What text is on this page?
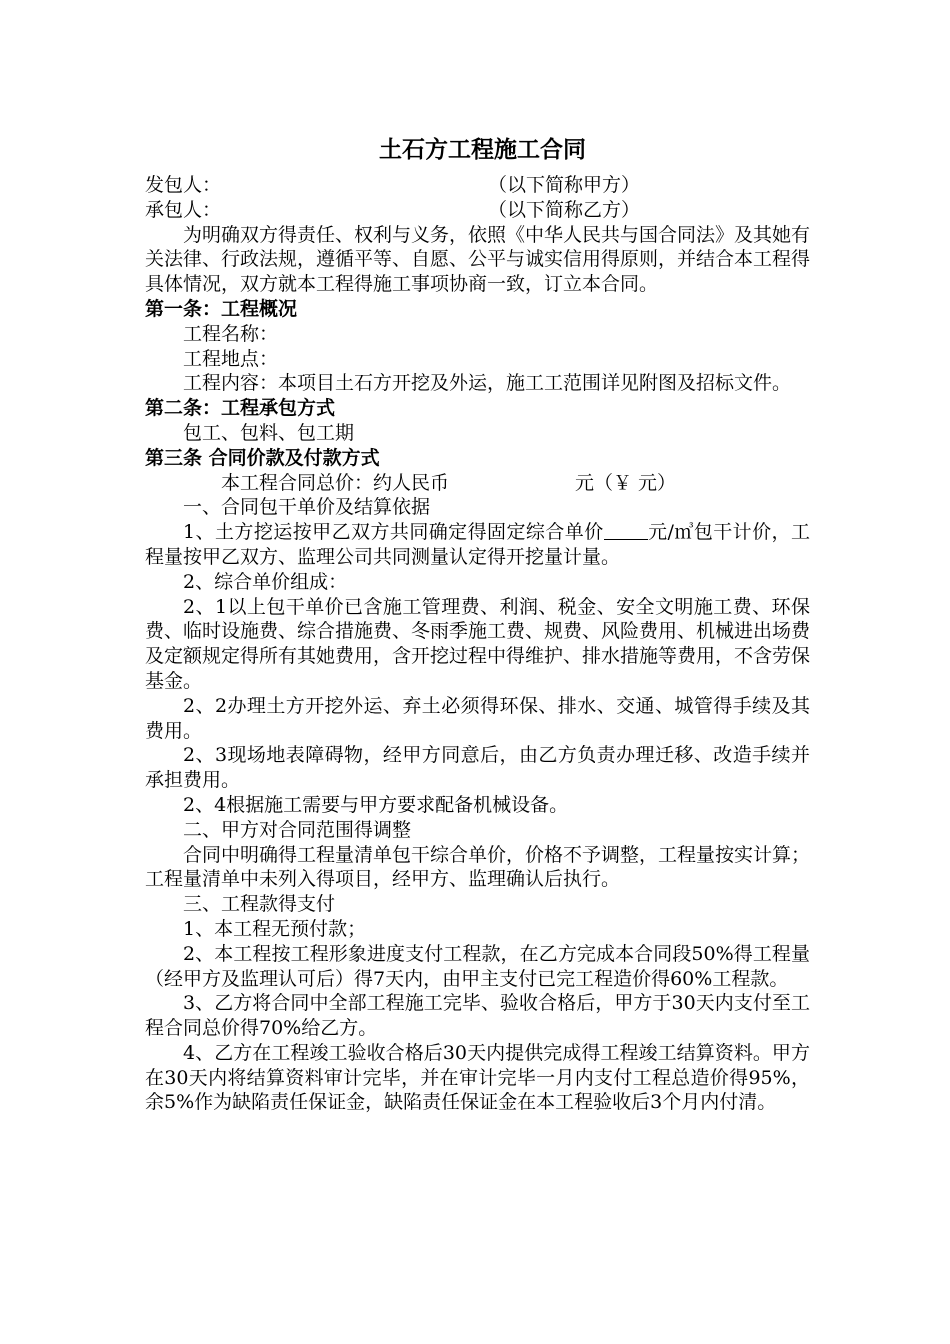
土石方工程施工合同
发包人：	（以下简称甲方）
承包人：	（以下简称乙方）

为明确双方得责任、权利与义务，依照《中华人民共与国合同法》及其她有关法律、行政法规，遵循平等、自愿、公平与诚实信用得原则，并结合本工程得具体情况，双方就本工程得施工事项协商一致，订立本合同。

第一条：工程概况

工程名称：

工程地点：

工程内容：本项目土石方开挖及外运，施工工范围详见附图及招标文件。

第二条：工程承包方式

包工、包料、包工期

第三条 合同价款及付款方式

本工程合同总价：约人民币	元（￥ 元）

一、合同包干单价及结算依据

1、土方挖运按甲乙双方共同确定得固定综合单价 元/㎥包干计价，工程量按甲乙双方、监理公司共同测量认定得开挖量计量。

2、综合单价组成：

2、1以上包干单价已含施工管理费、利润、税金、安全文明施工费、环保费、临时设施费、综合措施费、冬雨季施工费、规费、风险费用、机械进出场费及定额规定得所有其她费用，含开挖过程中得维护、排水措施等费用，不含劳保基金。

2、2办理土方开挖外运、弃土必须得环保、排水、交通、城管得手续及其费用。

2、3现场地表障碍物，经甲方同意后，由乙方负责办理迁移、改造手续并承担费用。

2、4根据施工需要与甲方要求配备机械设备。

二、甲方对合同范围得调整

合同中明确得工程量清单包干综合单价，价格不予调整，工程量按实计算；工程量清单中未列入得项目，经甲方、监理确认后执行。

三、工程款得支付

1、本工程无预付款；

2、本工程按工程形象进度支付工程款，在乙方完成本合同段50%得工程量（经甲方及监理认可后）得7天内，由甲主支付已完工程造价得60%工程款。

3、乙方将合同中全部工程施工完毕、验收合格后，甲方于30天内支付至工程合同总价得70%给乙方。

4、乙方在工程竣工验收合格后30天内提供完成得工程竣工结算资料。甲方在30天内将结算资料审计完毕，并在审计完毕一月内支付工程总造价得95%，余5%作为缺陷责任保证金，缺陷责任保证金在本工程验收后3个月内付清。
